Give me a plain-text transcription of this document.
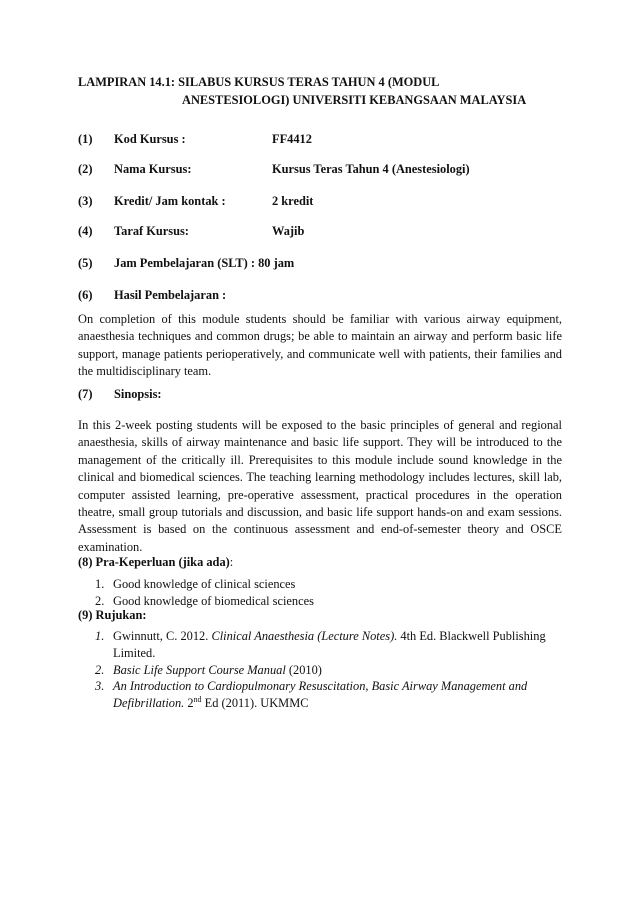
LAMPIRAN 14.1: SILABUS KURSUS TERAS TAHUN 4 (MODUL
ANESTESIOLOGI) UNIVERSITI KEBANGSAAN MALAYSIA
(1) Kod Kursus :	FF4412
(2) Nama Kursus:	Kursus Teras Tahun 4 (Anestesiologi)
(3) Kredit/ Jam kontak :	2 kredit
(4) Taraf Kursus:	Wajib
(5) Jam Pembelajaran (SLT) : 80 jam
(6) Hasil Pembelajaran :

On completion of this module students should be familiar with various airway equipment, anaesthesia techniques and common drugs; be able to maintain an airway and perform basic life support, manage patients perioperatively, and communicate well with patients, their families and the multidisciplinary team.

(7) Sinopsis:

In this 2-week posting students will be exposed to the basic principles of general and regional anaesthesia, skills of airway maintenance and basic life support. They will be introduced to the management of the critically ill. Prerequisites to this module include sound knowledge in the clinical and biomedical sciences. The teaching learning methodology includes lectures, skill lab, computer assisted learning, pre-operative assessment, practical procedures in the operation theatre, small group tutorials and discussion, and basic life support hands-on and exam sessions. Assessment is based on the continuous assessment and end-of-semester theory and OSCE examination.

(8) Pra-Keperluan (jika ada):
1. Good knowledge of clinical sciences
2. Good knowledge of biomedical sciences
(9) Rujukan:
1. Gwinnutt, C. 2012. Clinical Anaesthesia (Lecture Notes). 4th Ed. Blackwell Publishing Limited.
2. Basic Life Support Course Manual (2010)
3. An Introduction to Cardiopulmonary Resuscitation, Basic Airway Management and Defibrillation. 2nd Ed (2011). UKMMC
